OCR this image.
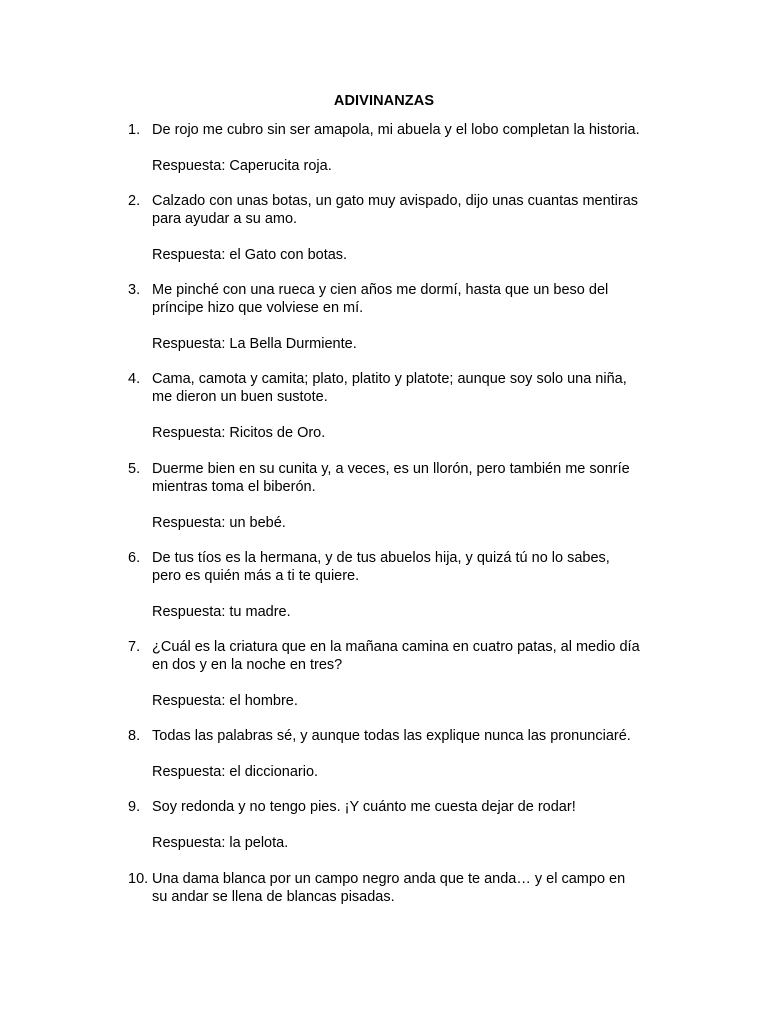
ADIVINANZAS
1. De rojo me cubro sin ser amapola, mi abuela y el lobo completan la historia.
Respuesta: Caperucita roja.
2. Calzado con unas botas, un gato muy avispado, dijo unas cuantas mentiras
para ayudar a su amo.
Respuesta: el Gato con botas.
3. Me pinché con una rueca y cien años me dormí, hasta que un beso del
príncipe hizo que volviese en mí.
Respuesta: La Bella Durmiente.
4. Cama, camota y camita; plato, platito y platote; aunque soy solo una niña,
me dieron un buen sustote.
Respuesta: Ricitos de Oro.
5. Duerme bien en su cunita y, a veces, es un llorón, pero también me sonríe
mientras toma el biberón.
Respuesta: un bebé.
6. De tus tíos es la hermana, y de tus abuelos hija, y quizá tú no lo sabes,
pero es quién más a ti te quiere.
Respuesta: tu madre.
7. ¿Cuál es la criatura que en la mañana camina en cuatro patas, al medio día
en dos y en la noche en tres?
Respuesta: el hombre.
8. Todas las palabras sé, y aunque todas las explique nunca las pronunciaré.
Respuesta: el diccionario.
9. Soy redonda y no tengo pies. ¡Y cuánto me cuesta dejar de rodar!
Respuesta: la pelota.
10. Una dama blanca por un campo negro anda que te anda… y el campo en
su andar se llena de blancas pisadas.
